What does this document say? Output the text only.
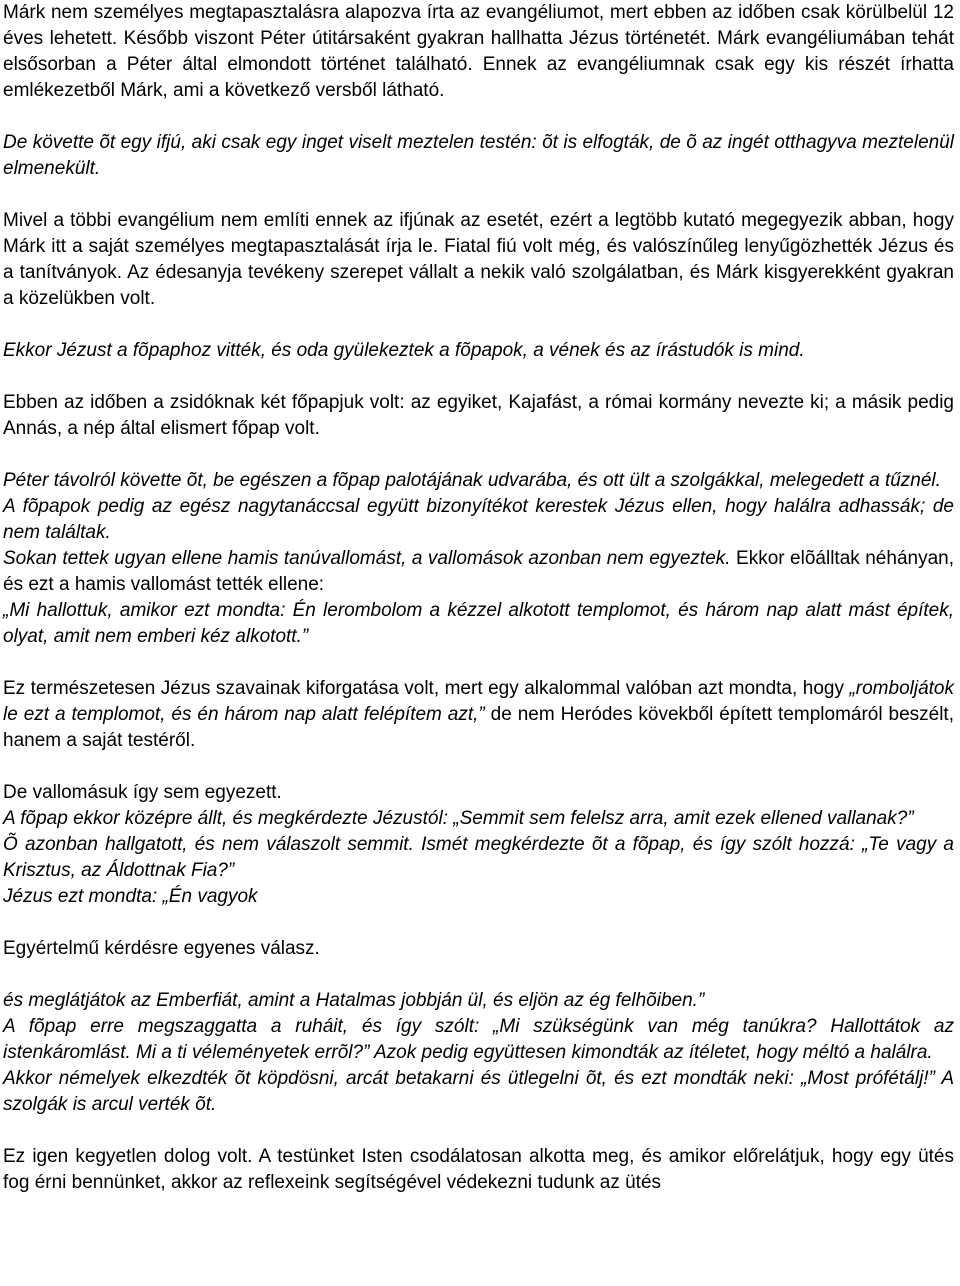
Márk nem személyes megtapasztalásra alapozva írta az evangéliumot, mert ebben az időben csak körülbelül 12 éves lehetett. Később viszont Péter útitársaként gyakran hallhatta Jézus történetét. Márk evangéliumában tehát elsősorban a Péter által elmondott történet található. Ennek az evangéliumnak csak egy kis részét írhatta emlékezetből Márk, ami a következő versből látható.

De követte õt egy ifjú, aki csak egy inget viselt meztelen testén: õt is elfogták, de õ az ingét otthagyva meztelenül elmenekült.

Mivel a többi evangélium nem említi ennek az ifjúnak az esetét, ezért a legtöbb kutató megegyezik abban, hogy Márk itt a saját személyes megtapasztalását írja le. Fiatal fiú volt még, és valószínűleg lenyűgözhették Jézus és a tanítványok. Az édesanyja tevékeny szerepet vállalt a nekik való szolgálatban, és Márk kisgyerekként gyakran a közelükben volt.

Ekkor Jézust a fõpaphoz vitték, és oda gyülekeztek a fõpapok, a vének és az írástudók is mind.

Ebben az időben a zsidóknak két főpapjuk volt: az egyiket, Kajafást, a római kormány nevezte ki; a másik pedig Annás, a nép által elismert főpap volt.

Péter távolról követte õt, be egészen a fõpap palotájának udvarába, és ott ült a szolgákkal, melegedett a tűznél.

A fõpapok pedig az egész nagytanáccsal együtt bizonyítékot kerestek Jézus ellen, hogy halálra adhassák; de nem találtak.

Sokan tettek ugyan ellene hamis tanúvallomást, a vallomások azonban nem egyeztek. Ekkor elõálltak néhányan, és ezt a hamis vallomást tették ellene:

„Mi hallottuk, amikor ezt mondta: Én lerombolom a kézzel alkotott templomot, és három nap alatt mást építek, olyat, amit nem emberi kéz alkotott.”

Ez természetesen Jézus szavainak kiforgatása volt, mert egy alkalommal valóban azt mondta, hogy „romboljátok le ezt a templomot, és én három nap alatt felépítem azt,” de nem Heródes kövekből épített templomáról beszélt, hanem a saját testéről.

De vallomásuk így sem egyezett.

A fõpap ekkor középre állt, és megkérdezte Jézustól: „Semmit sem felelsz arra, amit ezek ellened vallanak?”

Õ azonban hallgatott, és nem válaszolt semmit. Ismét megkérdezte õt a fõpap, és így szólt hozzá: „Te vagy a Krisztus, az Áldottnak Fia?”

Jézus ezt mondta: „Én vagyok

Egyértelmű kérdésre egyenes válasz.

és meglátjátok az Emberfiát, amint a Hatalmas jobbján ül, és eljön az ég felhõiben.”

A fõpap erre megszaggatta a ruháit, és így szólt: „Mi szükségünk van még tanúkra? Hallottátok az istenkáromlást. Mi a ti véleményetek errõl?” Azok pedig együttesen kimondták az ítéletet, hogy méltó a halálra.

Akkor némelyek elkezdték õt köpdösni, arcát betakarni és ütlegelni õt, és ezt mondták neki: „Most prófétálj!” A szolgák is arcul verték õt.

Ez igen kegyetlen dolog volt. A testünket Isten csodálatosan alkotta meg, és amikor előrelátjuk, hogy egy ütés fog érni bennünket, akkor az reflexeink segítségével védekezni tudunk az ütés
